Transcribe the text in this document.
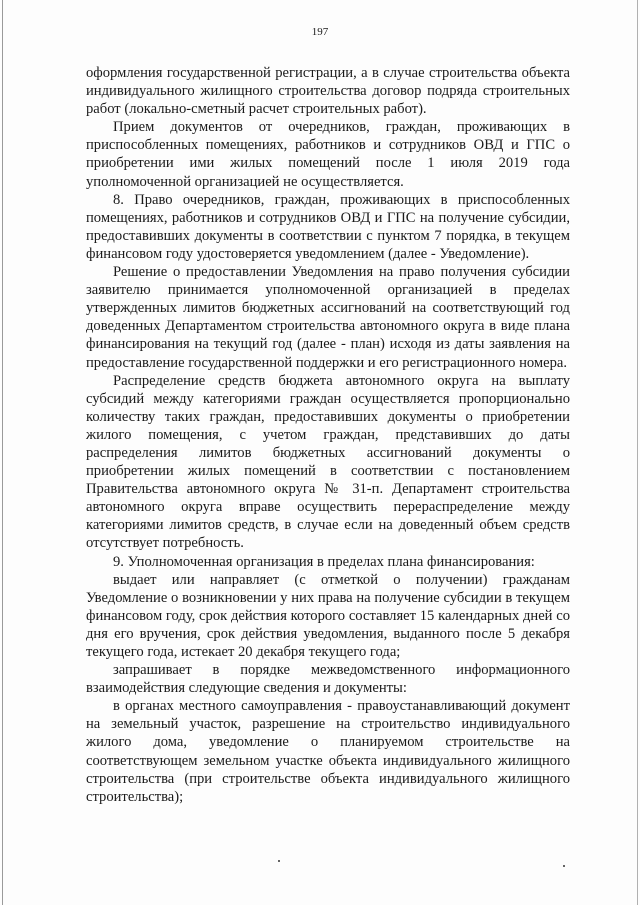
197

оформления государственной регистрации, а в случае строительства объекта индивидуального жилищного строительства договор подряда строительных работ (локально-сметный расчет строительных работ).

Прием документов от очередников, граждан, проживающих в приспособленных помещениях, работников и сотрудников ОВД и ГПС о приобретении ими жилых помещений после 1 июля 2019 года уполномоченной организацией не осуществляется.

8. Право очередников, граждан, проживающих в приспособленных помещениях, работников и сотрудников ОВД и ГПС на получение субсидии, предоставивших документы в соответствии с пунктом 7 порядка, в текущем финансовом году удостоверяется уведомлением (далее - Уведомление).

Решение о предоставлении Уведомления на право получения субсидии заявителю принимается уполномоченной организацией в пределах утвержденных лимитов бюджетных ассигнований на соответствующий год доведенных Департаментом строительства автономного округа в виде плана финансирования на текущий год (далее - план) исходя из даты заявления на предоставление государственной поддержки и его регистрационного номера.

Распределение средств бюджета автономного округа на выплату субсидий между категориями граждан осуществляется пропорционально количеству таких граждан, предоставивших документы о приобретении жилого помещения, с учетом граждан, представивших до даты распределения лимитов бюджетных ассигнований документы о приобретении жилых помещений в соответствии с постановлением Правительства автономного округа № 31-п. Департамент строительства автономного округа вправе осуществить перераспределение между категориями лимитов средств, в случае если на доведенный объем средств отсутствует потребность.

9. Уполномоченная организация в пределах плана финансирования:

выдает или направляет (с отметкой о получении) гражданам Уведомление о возникновении у них права на получение субсидии в текущем финансовом году, срок действия которого составляет 15 календарных дней со дня его вручения, срок действия уведомления, выданного после 5 декабря текущего года, истекает 20 декабря текущего года;

запрашивает в порядке межведомственного информационного взаимодействия следующие сведения и документы:

в органах местного самоуправления - правоустанавливающий документ на земельный участок, разрешение на строительство индивидуального жилого дома, уведомление о планируемом строительстве на соответствующем земельном участке объекта индивидуального жилищного строительства (при строительстве объекта индивидуального жилищного строительства);
